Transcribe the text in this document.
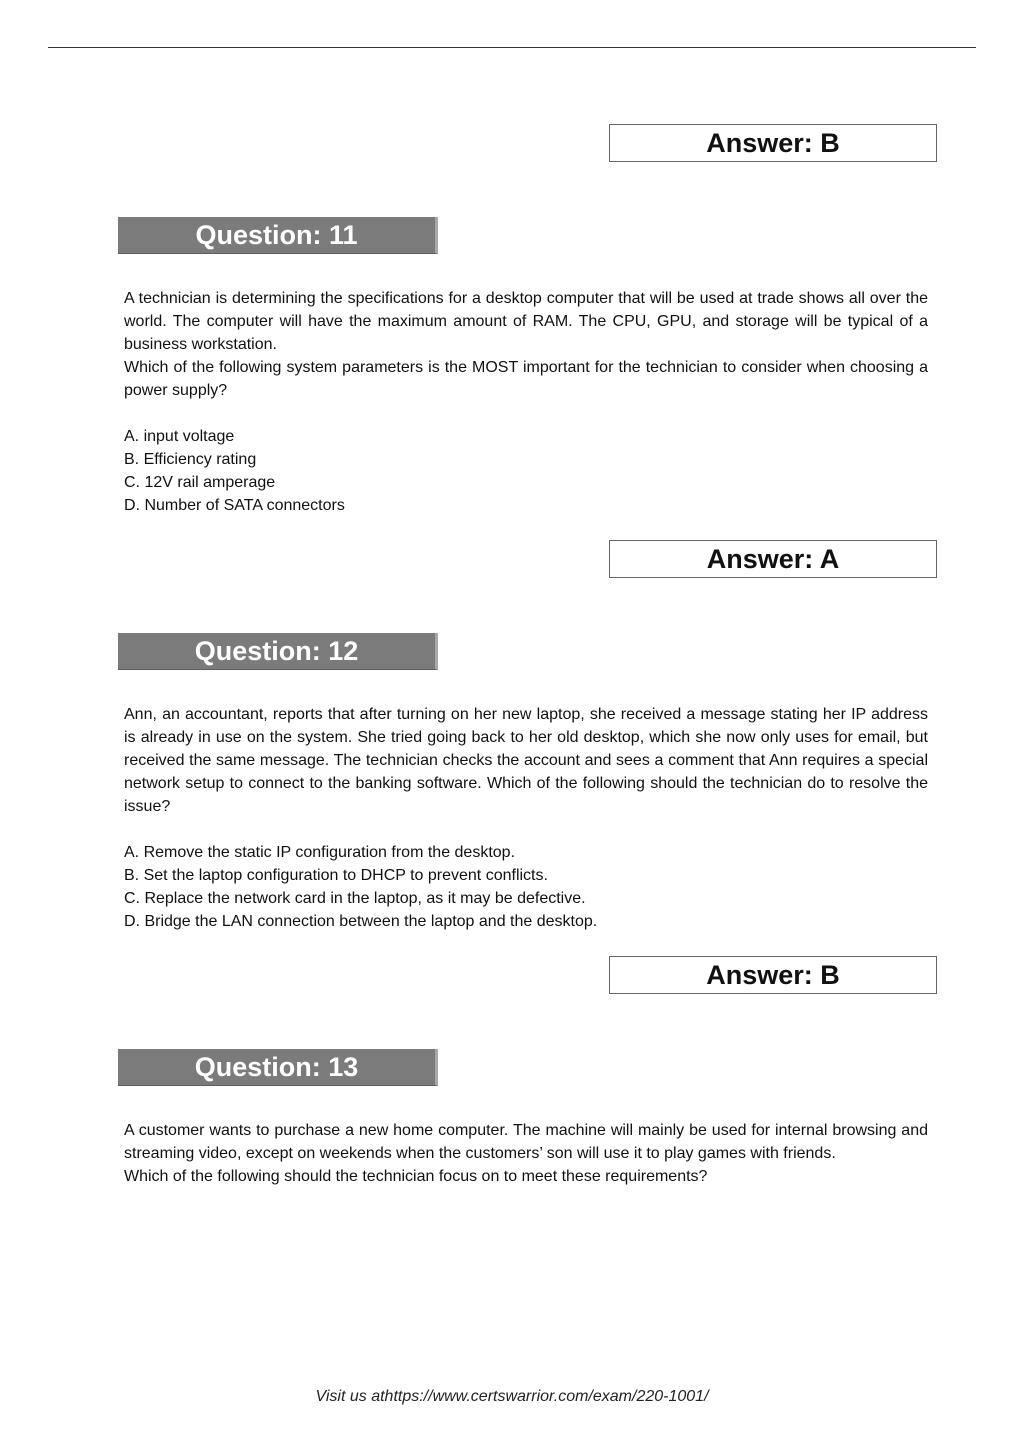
Answer: B
Question: 11

A technician is determining the specifications for a desktop computer that will be used at trade shows all over the world. The computer will have the maximum amount of RAM. The CPU, GPU, and storage will be typical of a business workstation.

Which of the following system parameters is the MOST important for the technician to consider when choosing a power supply?

A. input voltage
B. Efficiency rating
C. 12V rail amperage
D. Number of SATA connectors
Answer: A
Question: 12

Ann, an accountant, reports that after turning on her new laptop, she received a message stating her IP address is already in use on the system. She tried going back to her old desktop, which she now only uses for email, but received the same message. The technician checks the account and sees a comment that Ann requires a special network setup to connect to the banking software. Which of the following should the technician do to resolve the issue?

A. Remove the static IP configuration from the desktop.
B. Set the laptop configuration to DHCP to prevent conflicts.
C. Replace the network card in the laptop, as it may be defective.
D. Bridge the LAN connection between the laptop and the desktop.
Answer: B
Question: 13

A customer wants to purchase a new home computer. The machine will mainly be used for internal browsing and streaming video, except on weekends when the customers’ son will use it to play games with friends.

Which of the following should the technician focus on to meet these requirements?

Visit us athttps://www.certswarrior.com/exam/220-1001/
